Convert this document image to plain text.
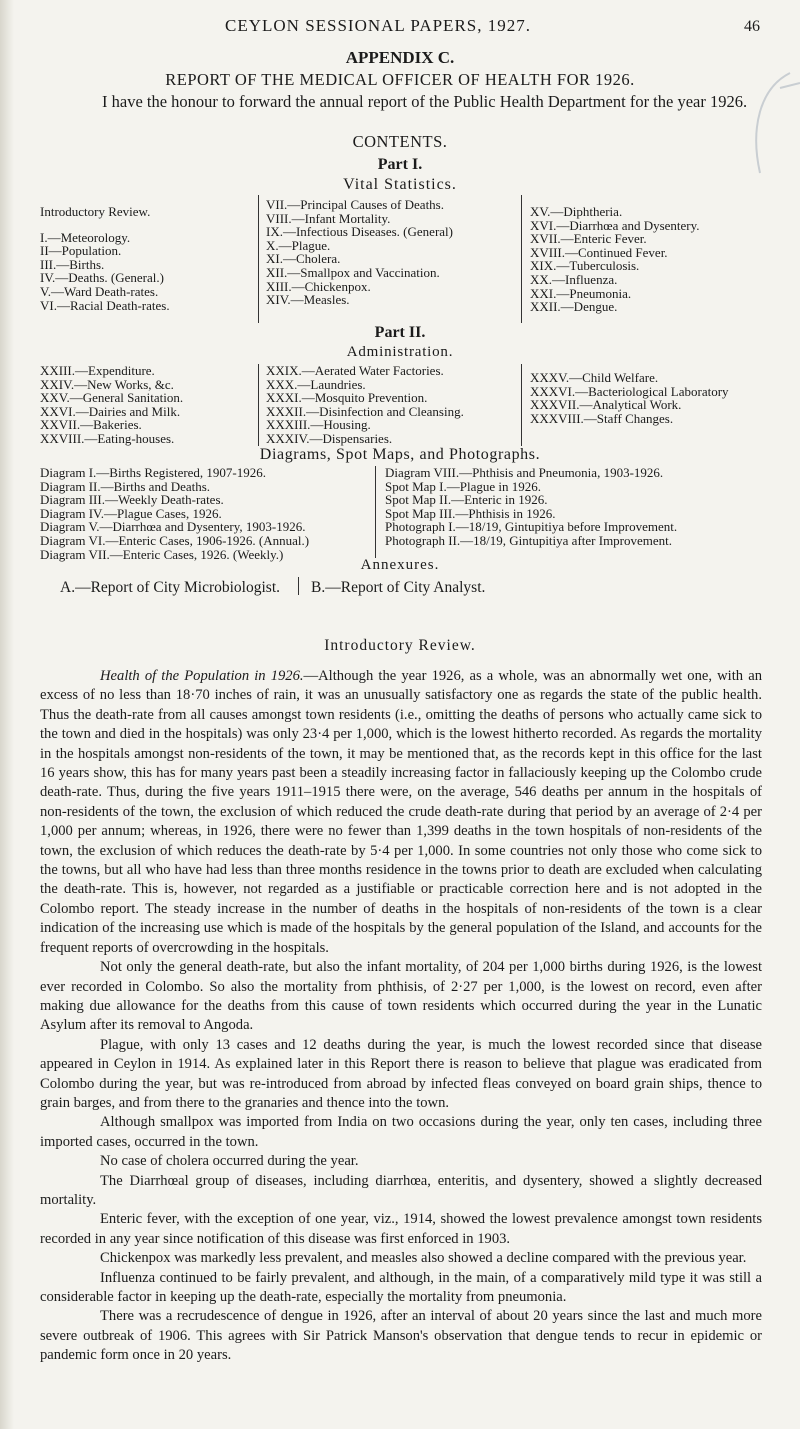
CEYLON SESSIONAL PAPERS, 1927.	46
APPENDIX C.
REPORT OF THE MEDICAL OFFICER OF HEALTH FOR 1926.
I have the honour to forward the annual report of the Public Health Department for the year 1926.
CONTENTS.
Part I.
Vital Statistics.
Introductory Review.
I.—Meteorology.
II—Population.
III.—Births.
IV.—Deaths. (General.)
V.—Ward Death-rates.
VI.—Racial Death-rates.
VII.—Principal Causes of Deaths.
VIII.—Infant Mortality.
IX.—Infectious Diseases. (General)
X.—Plague.
XI.—Cholera.
XII.—Smallpox and Vaccination.
XIII.—Chickenpox.
XIV.—Measles.
XV.—Diphtheria.
XVI.—Diarrhœa and Dysentery.
XVII.—Enteric Fever.
XVIII.—Continued Fever.
XIX.—Tuberculosis.
XX.—Influenza.
XXI.—Pneumonia.
XXII.—Dengue.
Part II.
Administration.
XXIII.—Expenditure.
XXIV.—New Works, &c.
XXV.—General Sanitation.
XXVI.—Dairies and Milk.
XXVII.—Bakeries.
XXVIII.—Eating-houses.
XXIX.—Aerated Water Factories.
XXX.—Laundries.
XXXI.—Mosquito Prevention.
XXXII.—Disinfection and Cleansing.
XXXIII.—Housing.
XXXIV.—Dispensaries.
XXXV.—Child Welfare.
XXXVI.—Bacteriological Laboratory
XXXVII.—Analytical Work.
XXXVIII.—Staff Changes.
Diagrams, Spot Maps, and Photographs.
Diagram I.—Births Registered, 1907-1926.
Diagram II.—Births and Deaths.
Diagram III.—Weekly Death-rates.
Diagram IV.—Plague Cases, 1926.
Diagram V.—Diarrhœa and Dysentery, 1903-1926.
Diagram VI.—Enteric Cases, 1906-1926. (Annual.)
Diagram VII.—Enteric Cases, 1926. (Weekly.)
Diagram VIII.—Phthisis and Pneumonia, 1903-1926.
Spot Map I.—Plague in 1926.
Spot Map II.—Enteric in 1926.
Spot Map III.—Phthisis in 1926.
Photograph I.—18/19, Gintupitiya before Improvement.
Photograph II.—18/19, Gintupitiya after Improvement.
Annexures.
A.—Report of City Microbiologist. B.—Report of City Analyst.
Introductory Review.

Health of the Population in 1926.—Although the year 1926, as a whole, was an abnormally wet one, with an excess of no less than 18·70 inches of rain, it was an unusually satisfactory one as regards the state of the public health. Thus the death-rate from all causes amongst town residents (i.e., omitting the deaths of persons who actually came sick to the town and died in the hospitals) was only 23·4 per 1,000, which is the lowest hitherto recorded. As regards the mortality in the hospitals amongst non-residents of the town, it may be mentioned that, as the records kept in this office for the last 16 years show, this has for many years past been a steadily increasing factor in fallaciously keeping up the Colombo crude death-rate. Thus, during the five years 1911–1915 there were, on the average, 546 deaths per annum in the hospitals of non-residents of the town, the exclusion of which reduced the crude death-rate during that period by an average of 2·4 per 1,000 per annum; whereas, in 1926, there were no fewer than 1,399 deaths in the town hospitals of non-residents of the town, the exclusion of which reduces the death-rate by 5·4 per 1,000. In some countries not only those who come sick to the towns, but all who have had less than three months residence in the towns prior to death are excluded when calculating the death-rate. This is, however, not regarded as a justifiable or practicable correction here and is not adopted in the Colombo report. The steady increase in the number of deaths in the hospitals of non-residents of the town is a clear indication of the increasing use which is made of the hospitals by the general population of the Island, and accounts for the frequent reports of overcrowding in the hospitals.

Not only the general death-rate, but also the infant mortality, of 204 per 1,000 births during 1926, is the lowest ever recorded in Colombo. So also the mortality from phthisis, of 2·27 per 1,000, is the lowest on record, even after making due allowance for the deaths from this cause of town residents which occurred during the year in the Lunatic Asylum after its removal to Angoda.

Plague, with only 13 cases and 12 deaths during the year, is much the lowest recorded since that disease appeared in Ceylon in 1914. As explained later in this Report there is reason to believe that plague was eradicated from Colombo during the year, but was re-introduced from abroad by infected fleas conveyed on board grain ships, thence to grain barges, and from there to the granaries and thence into the town.

Although smallpox was imported from India on two occasions during the year, only ten cases, including three imported cases, occurred in the town.

No case of cholera occurred during the year.

The Diarrhœal group of diseases, including diarrhœa, enteritis, and dysentery, showed a slightly decreased mortality.

Enteric fever, with the exception of one year, viz., 1914, showed the lowest prevalence amongst town residents recorded in any year since notification of this disease was first enforced in 1903.

Chickenpox was markedly less prevalent, and measles also showed a decline compared with the previous year.

Influenza continued to be fairly prevalent, and although, in the main, of a comparatively mild type it was still a considerable factor in keeping up the death-rate, especially the mortality from pneumonia.

There was a recrudescence of dengue in 1926, after an interval of about 20 years since the last and much more severe outbreak of 1906. This agrees with Sir Patrick Manson's observation that dengue tends to recur in epidemic or pandemic form once in 20 years.
